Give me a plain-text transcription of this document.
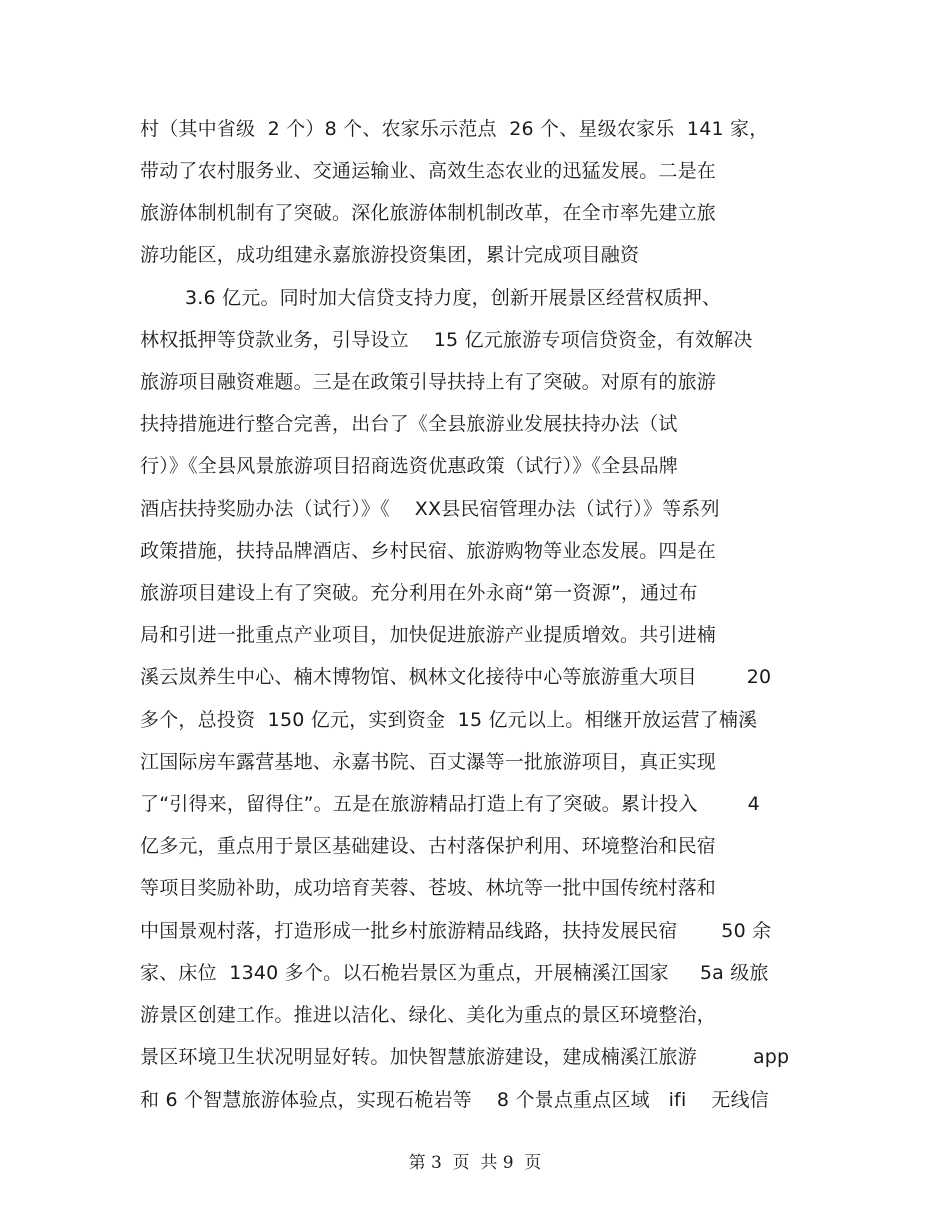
村（其中省级  2 个）8 个、农家乐示范点  26 个、星级农家乐  141 家，
带动了农村服务业、交通运输业、高效生态农业的迅猛发展。二是在
旅游体制机制有了突破。深化旅游体制机制改革，在全市率先建立旅
游功能区，成功组建永嘉旅游投资集团，累计完成项目融资
3.6 亿元。同时加大信贷支持力度，创新开展景区经营权质押、
林权抵押等贷款业务，引导设立    15 亿元旅游专项信贷资金，有效解决
旅游项目融资难题。三是在政策引导扶持上有了突破。对原有的旅游
扶持措施进行整合完善，出台了《全县旅游业发展扶持办法（试
行）》《全县风景旅游项目招商选资优惠政策（试行）》《全县品牌
酒店扶持奖励办法（试行）》《    XX县民宿管理办法（试行）》等系列
政策措施，扶持品牌酒店、乡村民宿、旅游购物等业态发展。四是在
旅游项目建设上有了突破。充分利用在外永商“第一资源”，通过布
局和引进一批重点产业项目，加快促进旅游产业提质增效。共引进楠
溪云岚养生中心、楠木博物馆、枫林文化接待中心等旅游重大项目        20
多个，总投资  150 亿元，实到资金  15 亿元以上。相继开放运营了楠溪
江国际房车露营基地、永嘉书院、百丈瀑等一批旅游项目，真正实现
了“引得来，留得住”。五是在旅游精品打造上有了突破。累计投入        4
亿多元，重点用于景区基础建设、古村落保护利用、环境整治和民宿
等项目奖励补助，成功培育芙蓉、苍坡、林坑等一批中国传统村落和
中国景观村落，打造形成一批乡村旅游精品线路，扶持发展民宿       50 余
家、床位  1340 多个。以石桅岩景区为重点，开展楠溪江国家     5a 级旅
游景区创建工作。推进以洁化、绿化、美化为重点的景区环境整治，
景区环境卫生状况明显好转。加快智慧旅游建设，建成楠溪江旅游         app
和 6 个智慧旅游体验点，实现石桅岩等    8 个景点重点区域   ifi    无线信
第 3  页  共 9  页
